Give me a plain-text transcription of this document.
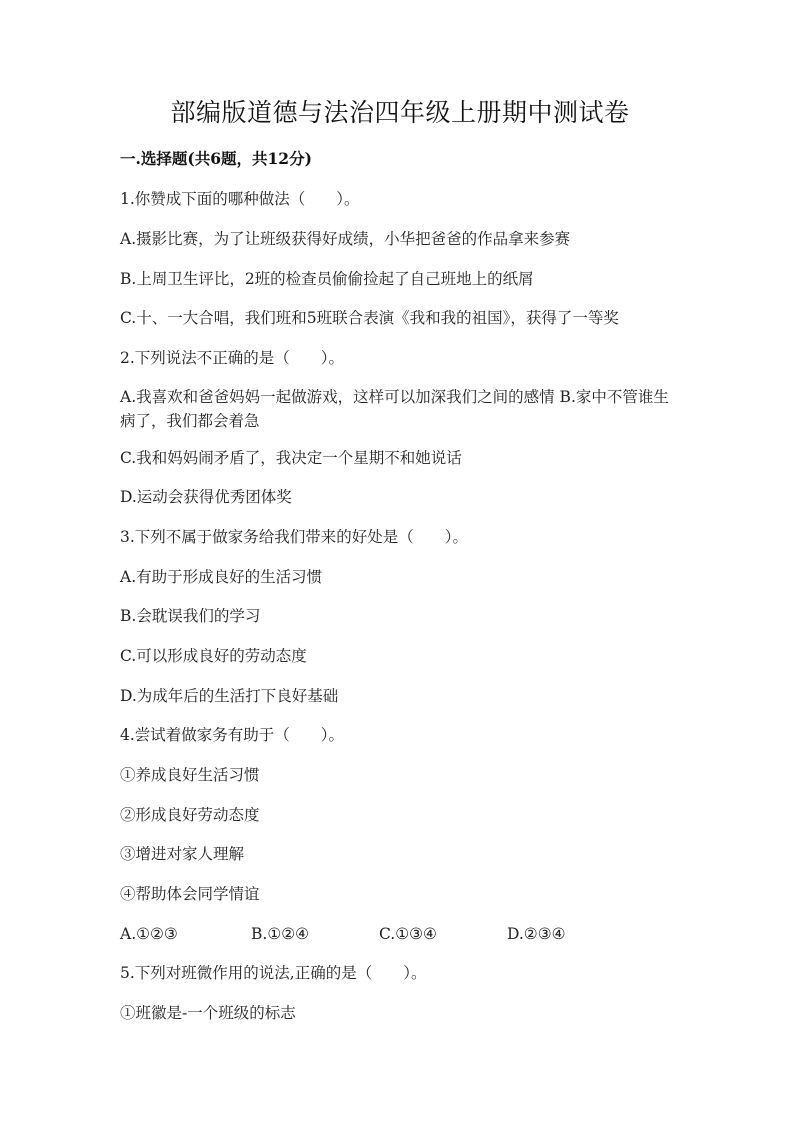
部编版道德与法治四年级上册期中测试卷
一.选择题(共6题，共12分)
1.你赞成下面的哪种做法（　　）。
A.摄影比赛，为了让班级获得好成绩，小华把爸爸的作品拿来参赛
B.上周卫生评比，2班的检查员偷偷捡起了自己班地上的纸屑
C.十、一大合唱，我们班和5班联合表演《我和我的祖国》，获得了一等奖
2.下列说法不正确的是（　　）。
A.我喜欢和爸爸妈妈一起做游戏，这样可以加深我们之间的感情 B.家中不管谁生病了，我们都会着急
C.我和妈妈闹矛盾了，我决定一个星期不和她说话
D.运动会获得优秀团体奖
3.下列不属于做家务给我们带来的好处是（　　）。
A.有助于形成良好的生活习惯
B.会耽误我们的学习
C.可以形成良好的劳动态度
D.为成年后的生活打下良好基础
4.尝试着做家务有助于（　　）。
①养成良好生活习惯
②形成良好劳动态度
③增进对家人理解
④帮助体会同学情谊
A.①②③	B.①②④	C.①③④	D.②③④
5.下列对班微作用的说法,正确的是（　　）。
①班徽是-一个班级的标志
